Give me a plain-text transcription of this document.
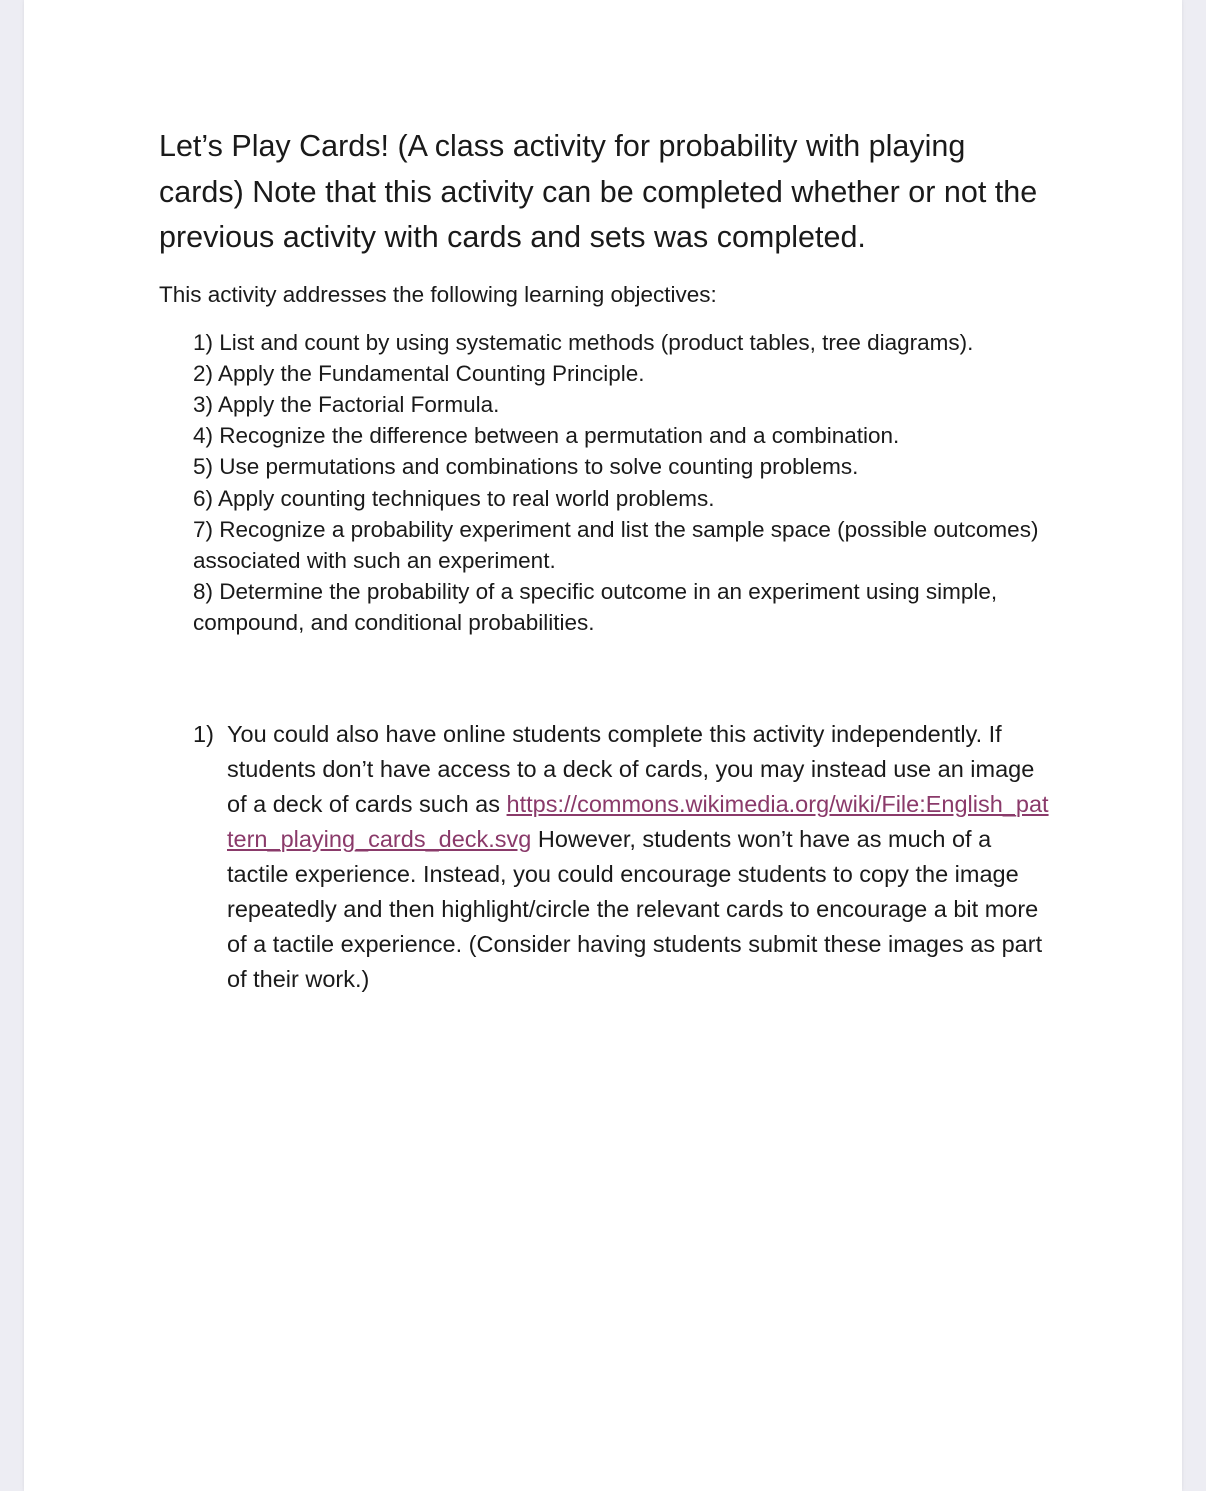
Let’s Play Cards! (A class activity for probability with playing cards) Note that this activity can be completed whether or not the previous activity with cards and sets was completed.

This activity addresses the following learning objectives:

1) List and count by using systematic methods (product tables, tree diagrams).
2) Apply the Fundamental Counting Principle.
3) Apply the Factorial Formula.
4) Recognize the difference between a permutation and a combination.
5) Use permutations and combinations to solve counting problems.
6) Apply counting techniques to real world problems.
7) Recognize a probability experiment and list the sample space (possible outcomes) associated with such an experiment.
8) Determine the probability of a specific outcome in an experiment using simple, compound, and conditional probabilities.
1) You could also have online students complete this activity independently. If students don’t have access to a deck of cards, you may instead use an image of a deck of cards such as https://commons.wikimedia.org/wiki/File:English_pattern_playing_cards_deck.svg However, students won’t have as much of a tactile experience. Instead, you could encourage students to copy the image repeatedly and then highlight/circle the relevant cards to encourage a bit more of a tactile experience. (Consider having students submit these images as part of their work.)
